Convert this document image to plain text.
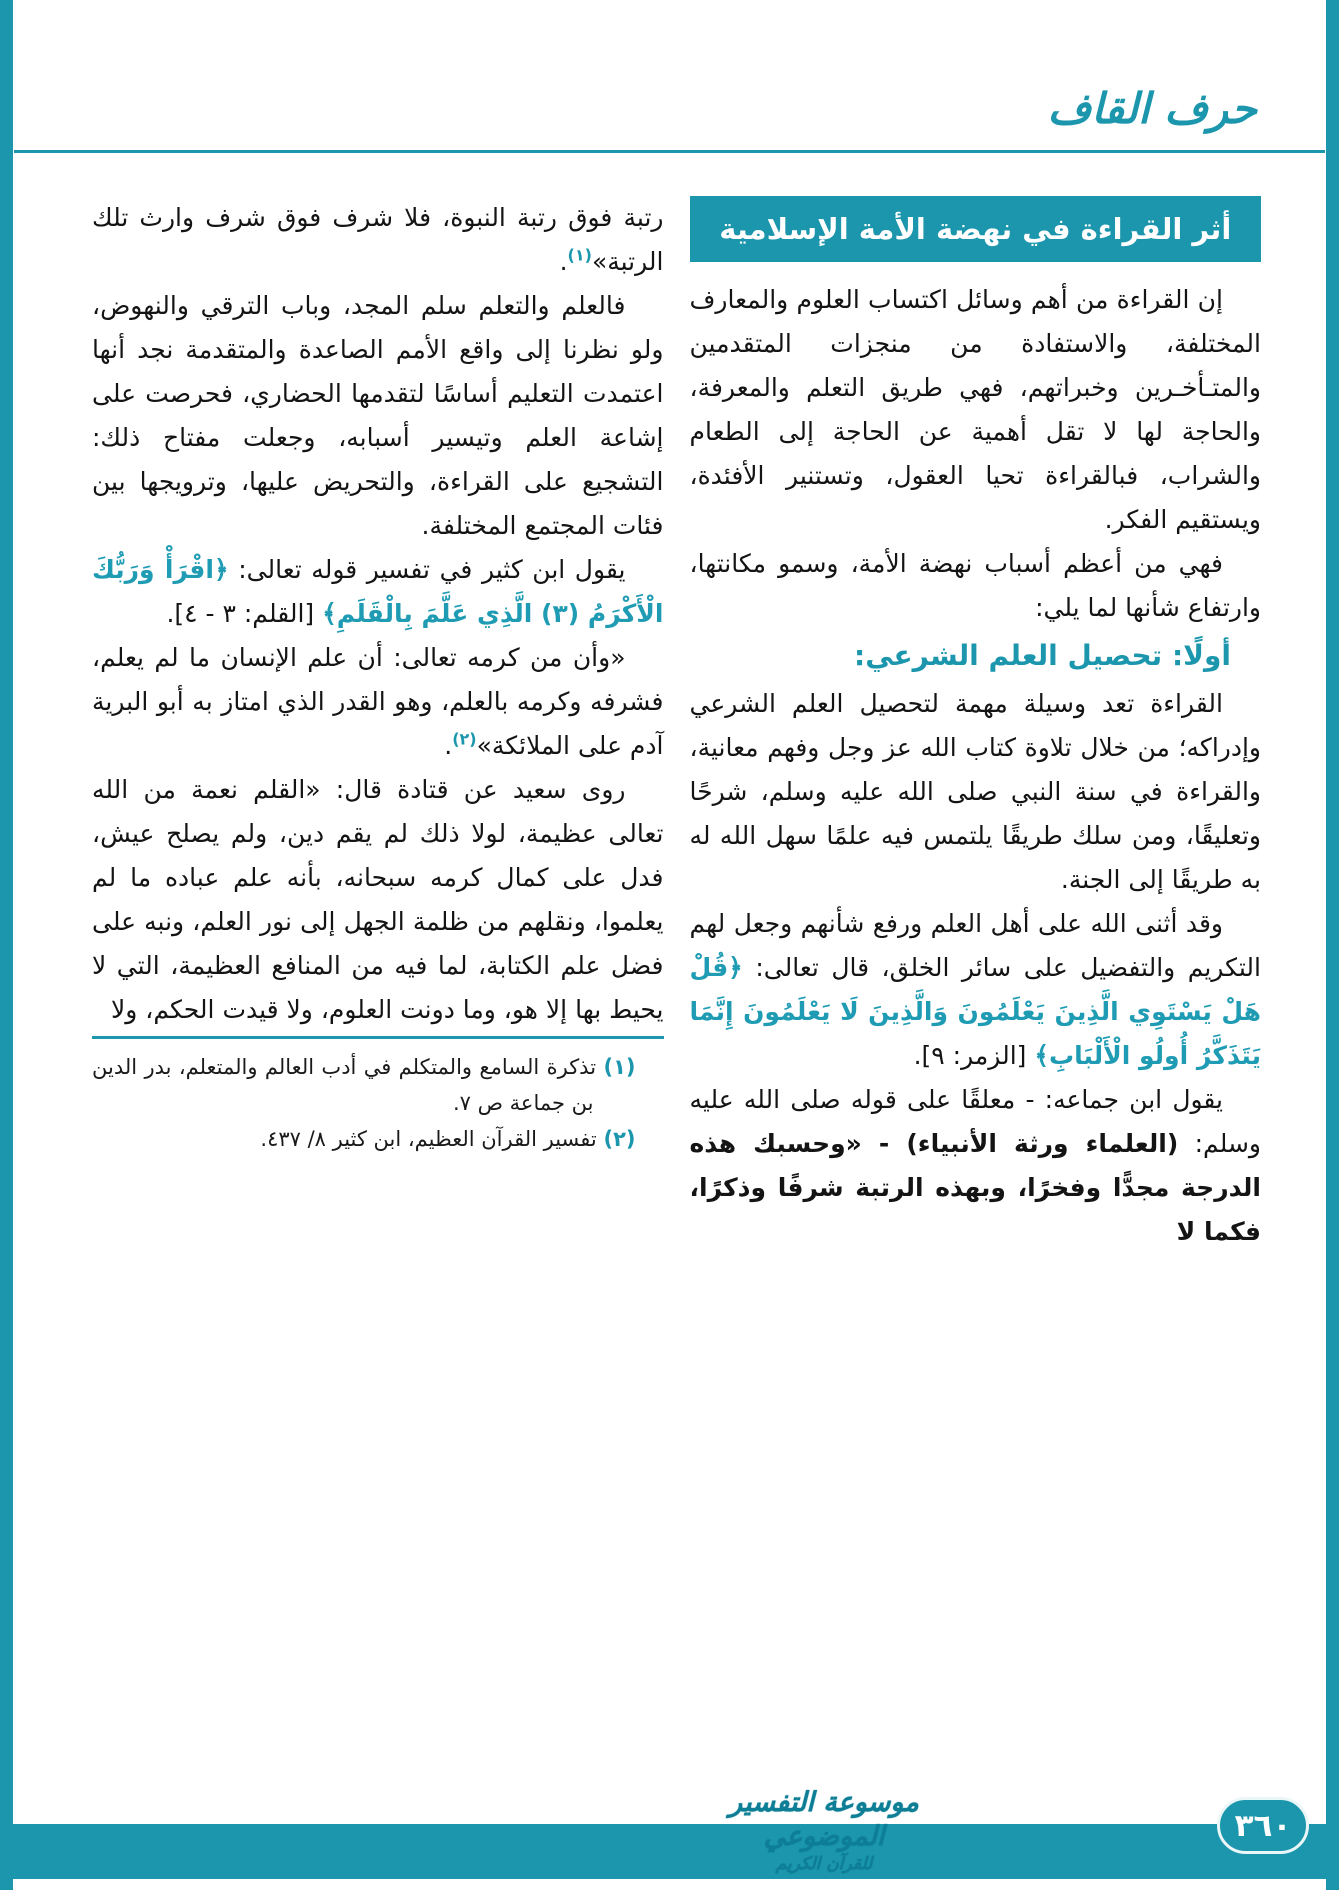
حرف القاف
أثر القراءة في نهضة الأمة الإسلامية

إن القراءة من أهم وسائل اكتساب العلوم والمعارف المختلفة، والاستفادة من منجزات المتقدمين والمتـأخـرين وخبراتهم، فهي طريق التعلم والمعرفة، والحاجة لها لا تقل أهمية عن الحاجة إلى الطعام والشراب، فبالقراءة تحيا العقول، وتستنير الأفئدة، ويستقيم الفكر.

فهي من أعظم أسباب نهضة الأمة، وسمو مكانتها، وارتفاع شأنها لما يلي:

أولًا: تحصيل العلم الشرعي:

القراءة تعد وسيلة مهمة لتحصيل العلم الشرعي وإدراكه؛ من خلال تلاوة كتاب الله عز وجل وفهم معانية، والقراءة في سنة النبي صلى الله عليه وسلم، شرحًا وتعليقًا، ومن سلك طريقًا يلتمس فيه علمًا سهل الله له به طريقًا إلى الجنة.

وقد أثنى الله على أهل العلم ورفع شأنهم وجعل لهم التكريم والتفضيل على سائر الخلق، قال تعالى: ﴿قُلْ هَلْ يَسْتَوِي الَّذِينَ يَعْلَمُونَ وَالَّذِينَ لَا يَعْلَمُونَ إِنَّمَا يَتَذَكَّرُ أُولُو الْأَلْبَابِ﴾ [الزمر: ٩].

يقول ابن جماعه: - معلقًا على قوله صلى الله عليه وسلم: (العلماء ورثة الأنبياء) - «وحسبك هذه الدرجة مجدًّا وفخرًا، وبهذه الرتبة شرفًا وذكرًا، فكما لا

رتبة فوق رتبة النبوة، فلا شرف فوق شرف وارث تلك الرتبة»$^{(١)}$.

فالعلم والتعلم سلم المجد، وباب الترقي والنهوض، ولو نظرنا إلى واقع الأمم الصاعدة والمتقدمة نجد أنها اعتمدت التعليم أساسًا لتقدمها الحضاري، فحرصت على إشاعة العلم وتيسير أسبابه، وجعلت مفتاح ذلك: التشجيع على القراءة، والتحريض عليها، وترويجها بين فئات المجتمع المختلفة.

يقول ابن كثير في تفسير قوله تعالى: ﴿اقْرَأْ وَرَبُّكَ الْأَكْرَمُ (٣) الَّذِي عَلَّمَ بِالْقَلَمِ﴾ [القلم: ٣ - ٤].

«وأن من كرمه تعالى: أن علم الإنسان ما لم يعلم، فشرفه وكرمه بالعلم، وهو القدر الذي امتاز به أبو البرية آدم على الملائكة»$^{(٢)}$.

روى سعيد عن قتادة قال: «القلم نعمة من الله تعالى عظيمة، لولا ذلك لم يقم دين، ولم يصلح عيش، فدل على كمال كرمه سبحانه، بأنه علم عباده ما لم يعلموا، ونقلهم من ظلمة الجهل إلى نور العلم، ونبه على فضل علم الكتابة، لما فيه من المنافع العظيمة، التي لا يحيط بها إلا هو، وما دونت العلوم، ولا قيدت الحكم، ولا

(١) تذكرة السامع والمتكلم في أدب العالم والمتعلم، بدر الدين بن جماعة ص ٧.
(٢) تفسير القرآن العظيم، ابن كثير ٨/ ٤٣٧.
موسوعة التفسير الموضوعي
للقرآن الكريم
٣٦٠
